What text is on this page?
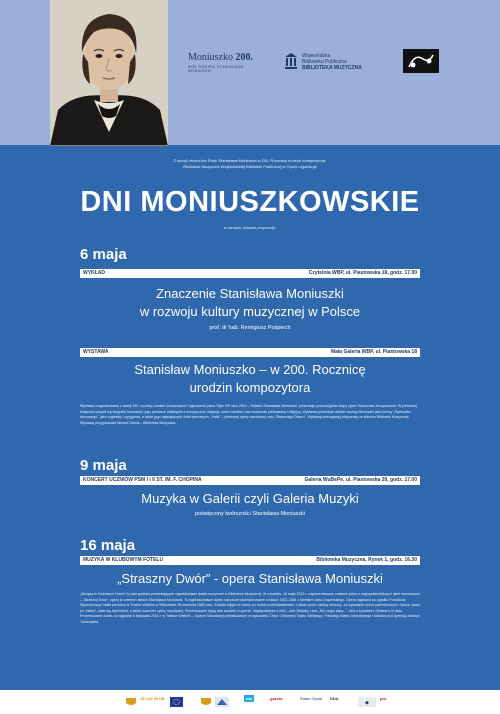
Moniuszko 200.
ROK ROKIEM STANISŁAWA MONIUSZKI
Wojewódzka
Biblioteka Publiczna
BIBLIOTEKA MUZYCZNA
Z okazji obchodów Roku Stanisława Moniuszki w 200. Rocznicę urodzin kompozytora,
Biblioteka Muzyczna Wojewódzkiej Biblioteki Publicznej w Opolu organizuje
DNI MONIUSZKOWSKIE
w ramach, których proponuje:
6 maja
WYKŁAD	Czytelnia WBP, ul. Piastowska 18, godz. 17.00
Znaczenie Stanisława Moniuszki
w rozwoju kultury muzycznej w Polsce
prof. dr hab. Remigiusz Pośpiech
WYSTAWA	Mała Galeria WBP, ul. Piastowska 18
Stanisław Moniuszko – w 200. Rocznicę
urodzin kompozytora
Wystawa zorganizowana z okazji 200. rocznicy urodzin kompozytora i ogłoszenia przez Sejm RP roku 2019 – Rokiem Stanisława Moniuszki, prezentuje poszczególne etapy życia i twórczości kompozytora. W pierwszej kolejności pojawi się biografia Moniuszki, jego pierwsze zetknięcia z muzyką oraz inicjacja, okres studiów oraz twórczość pieśniarską i religijną. Wystawa prezentuje wielkie zasługi Moniuszki jako twórcy „Śpiewnika domowego”, jako organisty i dyrygenta, a także jego największych dzieł operowych: „Halki” – pierwszej opery narodowej oraz „Strasznego Dworu”. Wystawę wzbogacają eksponaty ze zbiorów Biblioteki Muzycznej. Wystawę przygotowała Tamara Dzeda – Biblioteka Muzyczna.
9 maja
KONCERT UCZNIÓW PSM I i II ST. IM. F. CHOPINA	Galeria WuBePe, ul. Piastowska 20, godz. 17.00
Muzyka w Galerii czyli Galeria Muzyki
poświęcony twórczości Stanisława Moniuszki
16 maja
MUZYKA W KLUBOWYM FOTELU	Biblioteka Muzyczna, Rynek 1, godz. 16.30
„Straszny Dwór” - opera Stanisława Moniuszki
„Muzyka w Klubowym Fotelu” to cykl spotkań prezentujących najważniejsze dzieła muzyczne w Bibliotece Muzycznej. W czwartek, 16 maja 2019 r. zaprezentowane zostanie jedno z najpopularniejszych dzieł narodowych – „Straszny Dwór”, opera w czterech aktach Stanisława Moniuszki. To najdoskonalsze dzieło narodowe skomponowane w latach 1861-1864 z librettem Jana Chęcińskiego. Opera napisana po upadku Powstania Styczniowego miała premierę w Teatrze Wielkim w Warszawie 28 września 1865 roku. Została zdjęta ze sceny po trzech przedstawieniach z afiszu przez carską cenzurę, za wywołanie uczuć patriotycznych. Opera, zaraz po „Halce”, stała się symbolem, a także wzorcem opery narodowej. Prezentowane będą arie zawarte w operze. Najsłynniejsza z nich – aria Skołuby i aria „Ten zegar stary...”. Aria z kurantem, Stefana z III aktu. Prezentowane dzieło, to nagranie 8 listopada 2015 r. w Teatrze Wielkim – Operze Narodowej przedstawione w wykonaniu Chóru i Orkiestry Teatru Wielkiego, Polskiego Baletu Narodowego i solistów pod dyrekcją Andriya Yurkevycha.
15 LAT W UE	nto	gazeta	Radio Opole DDA
◆
pro
